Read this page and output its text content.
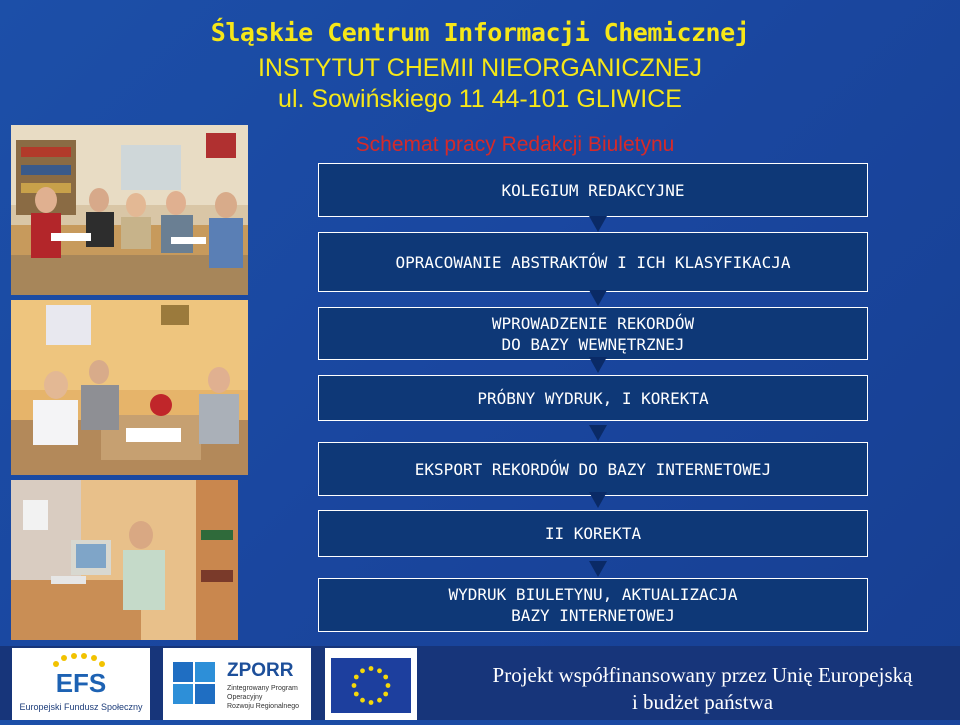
Śląskie Centrum Informacji Chemicznej
INSTYTUT CHEMII NIEORGANICZNEJ
ul. Sowińskiego 11 44-101 GLIWICE
Schemat pracy Redakcji Biuletynu
KOLEGIUM REDAKCYJNE
OPRACOWANIE ABSTRAKTÓW I ICH KLASYFIKACJA
WPROWADZENIE REKORDÓW
DO BAZY WEWNĘTRZNEJ
PRÓBNY WYDRUK, I KOREKTA
EKSPORT REKORDÓW DO BAZY INTERNETOWEJ
II KOREKTA
WYDRUK BIULETYNU, AKTUALIZACJA
BAZY INTERNETOWEJ
EFS
Europejski Fundusz Społeczny
ZPORR
Zintegrowany Program
Operacyjny
Rozwoju Regionalnego
Projekt współfinansowany przez Unię Europejską
i budżet państwa
